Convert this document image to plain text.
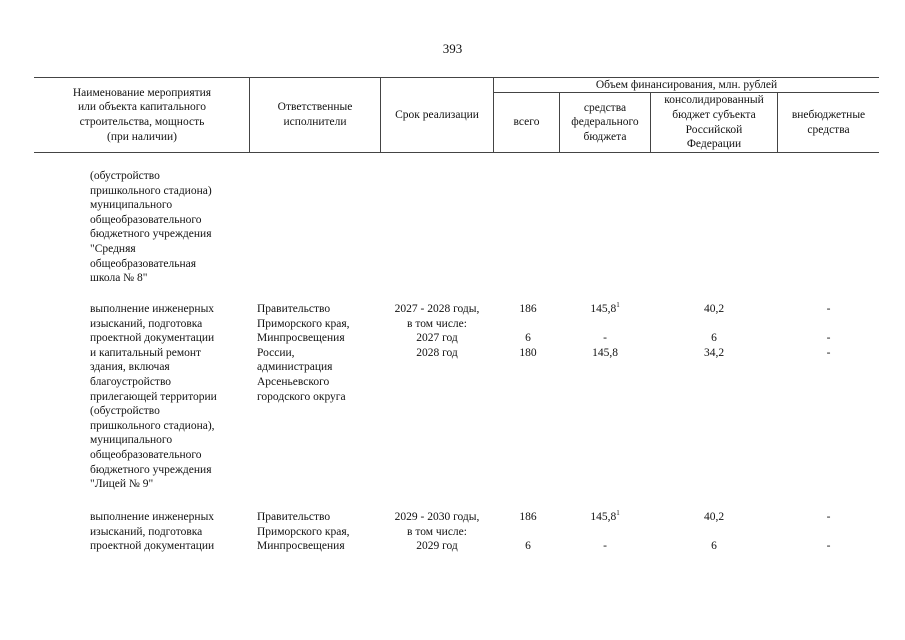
393
Наименование мероприятия
или объекта капитального
строительства, мощность
(при наличии)
Ответственные
исполнители
Срок реализации
Объем финансирования, млн. рублей
всего
средства
федерального
бюджета
консолидированный
бюджет субъекта
Российской
Федерации
внебюджетные
средства
(обустройство
пришкольного стадиона)
муниципального
общеобразовательного
бюджетного учреждения
"Средняя
общеобразовательная
школа № 8"
выполнение инженерных
изысканий, подготовка
проектной документации
и капитальный ремонт
здания, включая
благоустройство
прилегающей территории
(обустройство
пришкольного стадиона),
муниципального
общеобразовательного
бюджетного учреждения
"Лицей № 9"
Правительство
Приморского края,
Минпросвещения
России,
администрация
Арсеньевского
городского округа
2027 - 2028 годы,
в том числе:
2027 год
2028 год
186

6
180
145,8$^1$
-
145,8
40,2

6
34,2
-

-
-
выполнение инженерных
изысканий, подготовка
проектной документации
Правительство
Приморского края,
Минпросвещения
2029 - 2030 годы,
в том числе:
2029 год
186

6
145,8$^1$
-
40,2

6
-

-
